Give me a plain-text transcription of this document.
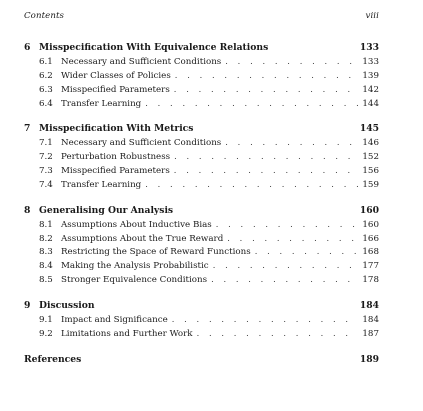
Contents	viii
6 Misspecification With Equivalence Relations	133
6.1 Necessary and Sufficient Conditions . . .	133
6.2 Wider Classes of Policies . . .	139
6.3 Misspecified Parameters . . .	142
6.4 Transfer Learning . . .	144
7 Misspecification With Metrics	145
7.1 Necessary and Sufficient Conditions . . .	146
7.2 Perturbation Robustness . . .	152
7.3 Misspecified Parameters . . .	156
7.4 Transfer Learning . . .	159
8 Generalising Our Analysis	160
8.1 Assumptions About Inductive Bias . . .	160
8.2 Assumptions About the True Reward . . .	166
8.3 Restricting the Space of Reward Functions . . .	168
8.4 Making the Analysis Probabilistic . . .	177
8.5 Stronger Equivalence Conditions . . .	178
9 Discussion	184
9.1 Impact and Significance . . .	184
9.2 Limitations and Further Work . . .	187
References	189
